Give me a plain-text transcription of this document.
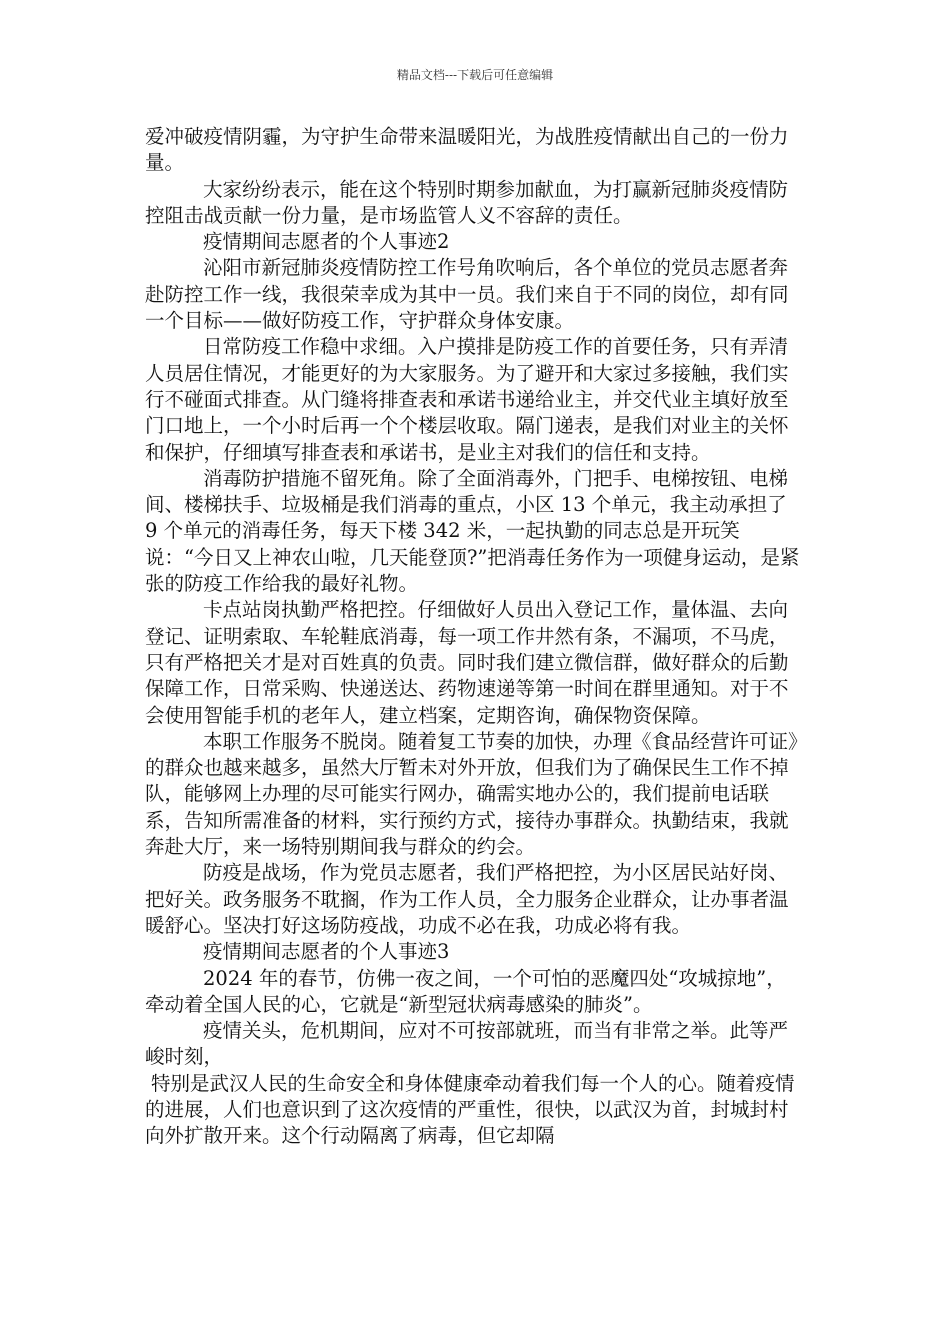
精品文档---下载后可任意编辑

爱冲破疫情阴霾，为守护生命带来温暖阳光，为战胜疫情献出自己的一份力量。

大家纷纷表示，能在这个特别时期参加献血，为打赢新冠肺炎疫情防控阻击战贡献一份力量，是市场监管人义不容辞的责任。

疫情期间志愿者的个人事迹2

沁阳市新冠肺炎疫情防控工作号角吹响后，各个单位的党员志愿者奔赴防控工作一线，我很荣幸成为其中一员。我们来自于不同的岗位，却有同一个目标——做好防疫工作，守护群众身体安康。

日常防疫工作稳中求细。入户摸排是防疫工作的首要任务，只有弄清人员居住情况，才能更好的为大家服务。为了避开和大家过多接触，我们实行不碰面式排查。从门缝将排查表和承诺书递给业主，并交代业主填好放至门口地上，一个小时后再一个个楼层收取。隔门递表，是我们对业主的关怀和保护，仔细填写排查表和承诺书，是业主对我们的信任和支持。

消毒防护措施不留死角。除了全面消毒外，门把手、电梯按钮、电梯间、楼梯扶手、垃圾桶是我们消毒的重点，小区 13 个单元，我主动承担了 9 个单元的消毒任务，每天下楼 342 米，一起执勤的同志总是开玩笑说：“今日又上神农山啦，几天能登顶?”把消毒任务作为一项健身运动，是紧张的防疫工作给我的最好礼物。

卡点站岗执勤严格把控。仔细做好人员出入登记工作，量体温、去向登记、证明索取、车轮鞋底消毒，每一项工作井然有条，不漏项，不马虎，只有严格把关才是对百姓真的负责。同时我们建立微信群，做好群众的后勤保障工作，日常采购、快递送达、药物速递等第一时间在群里通知。对于不会使用智能手机的老年人，建立档案，定期咨询，确保物资保障。

本职工作服务不脱岗。随着复工节奏的加快，办理《食品经营许可证》的群众也越来越多，虽然大厅暂未对外开放，但我们为了确保民生工作不掉队，能够网上办理的尽可能实行网办，确需实地办公的，我们提前电话联系，告知所需准备的材料，实行预约方式，接待办事群众。执勤结束，我就奔赴大厅，来一场特别期间我与群众的约会。

防疫是战场，作为党员志愿者，我们严格把控，为小区居民站好岗、把好关。政务服务不耽搁，作为工作人员，全力服务企业群众，让办事者温暖舒心。坚决打好这场防疫战，功成不必在我，功成必将有我。

疫情期间志愿者的个人事迹3

2024 年的春节，仿佛一夜之间，一个可怕的恶魔四处“攻城掠地”，牵动着全国人民的心，它就是“新型冠状病毒感染的肺炎”。

疫情关头，危机期间，应对不可按部就班，而当有非常之举。此等严峻时刻，

特别是武汉人民的生命安全和身体健康牵动着我们每一个人的心。随着疫情的进展，人们也意识到了这次疫情的严重性，很快，以武汉为首，封城封村向外扩散开来。这个行动隔离了病毒，但它却隔
